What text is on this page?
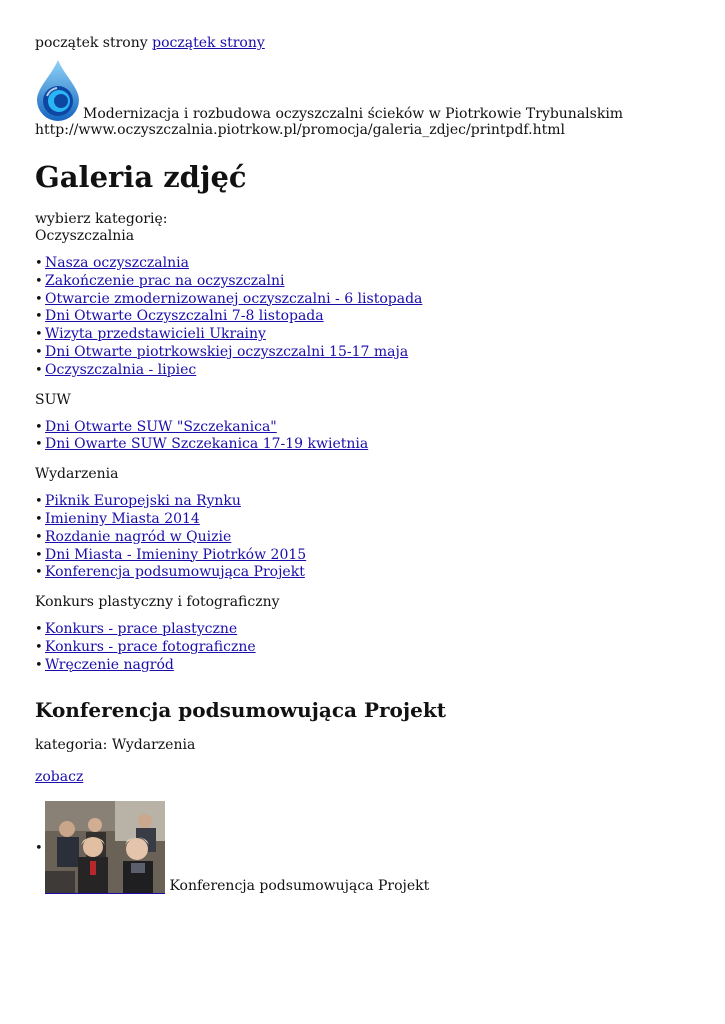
początek strony początek strony
Modernizacja i rozbudowa oczyszczalni ścieków w Piotrkowie Trybunalskim
http://www.oczyszczalnia.piotrkow.pl/promocja/galeria_zdjec/printpdf.html
Galeria zdjęć
wybierz kategorię:
Oczyszczalnia
• Nasza oczyszczalnia
• Zakończenie prac na oczyszczalni
• Otwarcie zmodernizowanej oczyszczalni - 6 listopada
• Dni Otwarte Oczyszczalni 7-8 listopada
• Wizyta przedstawicieli Ukrainy
• Dni Otwarte piotrkowskiej oczyszczalni 15-17 maja
• Oczyszczalnia - lipiec
SUW
• Dni Otwarte SUW "Szczekanica"
• Dni Owarte SUW Szczekanica 17-19 kwietnia
Wydarzenia
• Piknik Europejski na Rynku
• Imieniny Miasta 2014
• Rozdanie nagród w Quizie
• Dni Miasta - Imieniny Piotrków 2015
• Konferencja podsumowująca Projekt
Konkurs plastyczny i fotograficzny
• Konkurs - prace plastyczne
• Konkurs - prace fotograficzne
• Wręczenie nagród
Konferencja podsumowująca Projekt
kategoria: Wydarzenia
zobacz
• Konferencja podsumowująca Projekt
